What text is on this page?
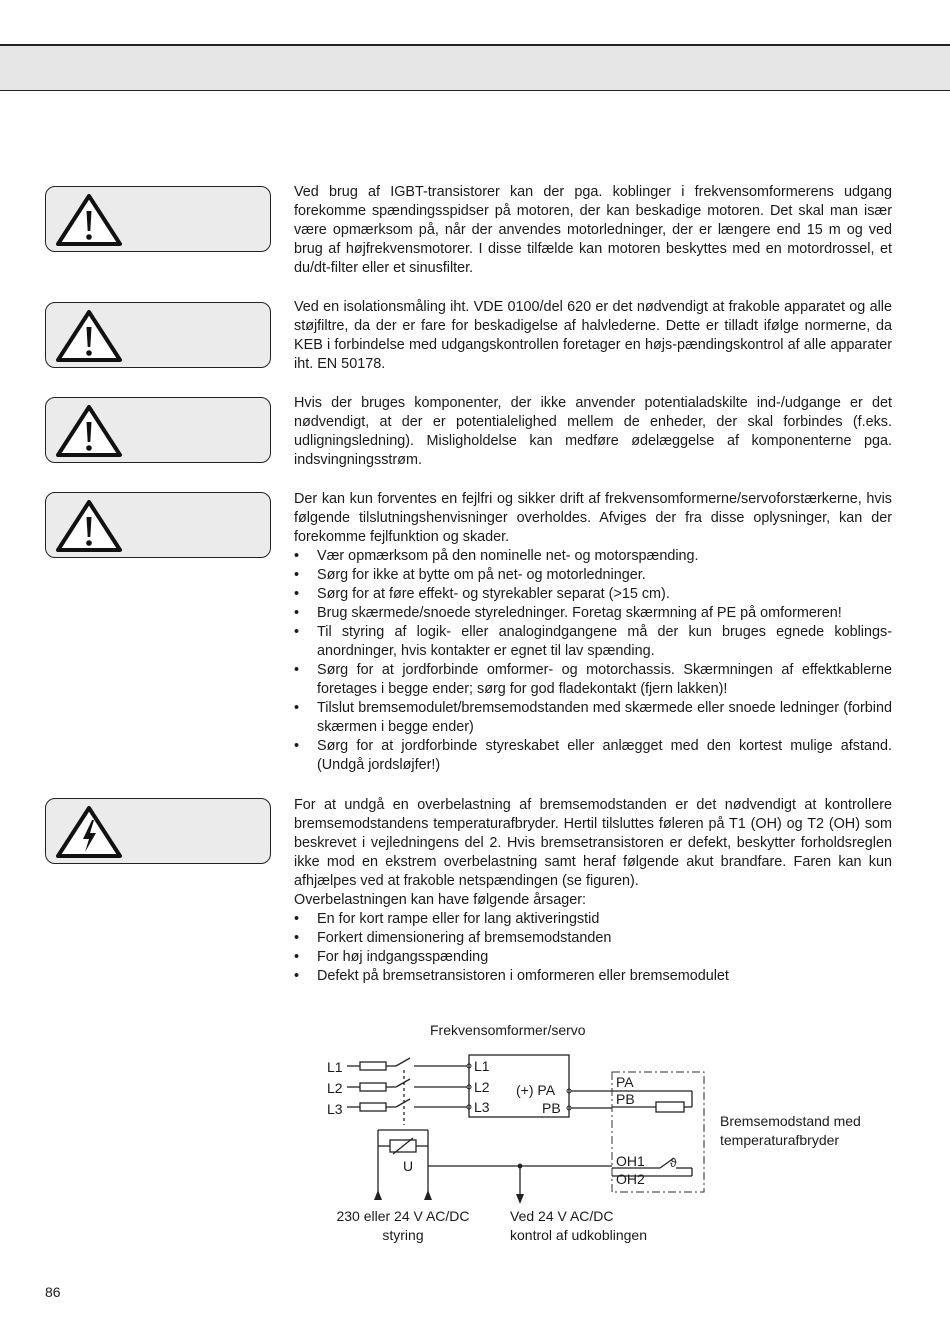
Ved brug af IGBT-transistorer kan der pga. koblinger i frekvensomformerens udgang forekomme spændingsspidser på motoren, der kan beskadige motoren. Det skal man især være opmærksom på, når der anvendes motorledninger, der er længere end 15 m og ved brug af højfrekvensmotorer. I disse tilfælde kan motoren beskyttes med en motordrossel, et du/dt-filter eller et sinusfilter.

Ved en isolationsmåling iht. VDE 0100/del 620 er det nødvendigt at frakoble apparatet og alle støjfiltre, da der er fare for beskadigelse af halvlederne. Dette er tilladt ifølge normerne, da KEB i forbindelse med udgangskontrollen foretager en højs-pændingskontrol af alle apparater iht. EN 50178.

Hvis der bruges komponenter, der ikke anvender potentialadskilte ind-/udgange er det nødvendigt, at der er potentialelighed mellem de enheder, der skal forbindes (f.eks. udligningsledning). Misligholdelse kan medføre ødelæggelse af komponenterne pga. indsvingningsstrøm.

Der kan kun forventes en fejlfri og sikker drift af frekvensomformerne/servoforstærkerne, hvis følgende tilslutningshenvisninger overholdes. Afviges der fra disse oplysninger, kan der forekomme fejlfunktion og skader.

• Vær opmærksom på den nominelle net- og motorspænding.
• Sørg for ikke at bytte om på net- og motorledninger.
• Sørg for at føre effekt- og styrekabler separat (>15 cm).
• Brug skærmede/snoede styreledninger. Foretag skærmning af PE på omformeren!
• Til styring af logik- eller analogindgangene må der kun bruges egnede koblings-anordninger, hvis kontakter er egnet til lav spænding.
• Sørg for at jordforbinde omformer- og motorchassis. Skærmningen af effektkablerne foretages i begge ender; sørg for god fladekontakt (fjern lakken)!
• Tilslut bremsemodulet/bremsemodstanden med skærmede eller snoede ledninger (forbind skærmen i begge ender)
• Sørg for at jordforbinde styreskabet eller anlægget med den kortest mulige afstand. (Undgå jordsløjfer!)

For at undgå en overbelastning af bremsemodstanden er det nødvendigt at kontrollere bremsemodstandens temperaturafbryder. Hertil tilsluttes føleren på T1 (OH) og T2 (OH) som beskrevet i vejledningens del 2. Hvis bremsetransistoren er defekt, beskytter forholdsreglen ikke mod en ekstrem overbelastning samt heraf følgende akut brandfare. Faren kan kun afhjælpes ved at frakoble netspændingen (se figuren).

Overbelastningen kan have følgende årsager:

• En for kort rampe eller for lang aktiveringstid
• Forkert dimensionering af bremsemodstanden
• For høj indgangsspænding
• Defekt på bremsetransistoren i omformeren eller bremsemodulet
Frekvensomformer/servo
L1
L2
L3
L1
L2
L3
(+) PA
PB
PA
PB
OH1
OH2
ϑ
U
Bremsemodstand med
temperaturafbryder
230 eller 24 V AC/DC
styring
Ved 24 V AC/DC
kontrol af udkoblingen
86
